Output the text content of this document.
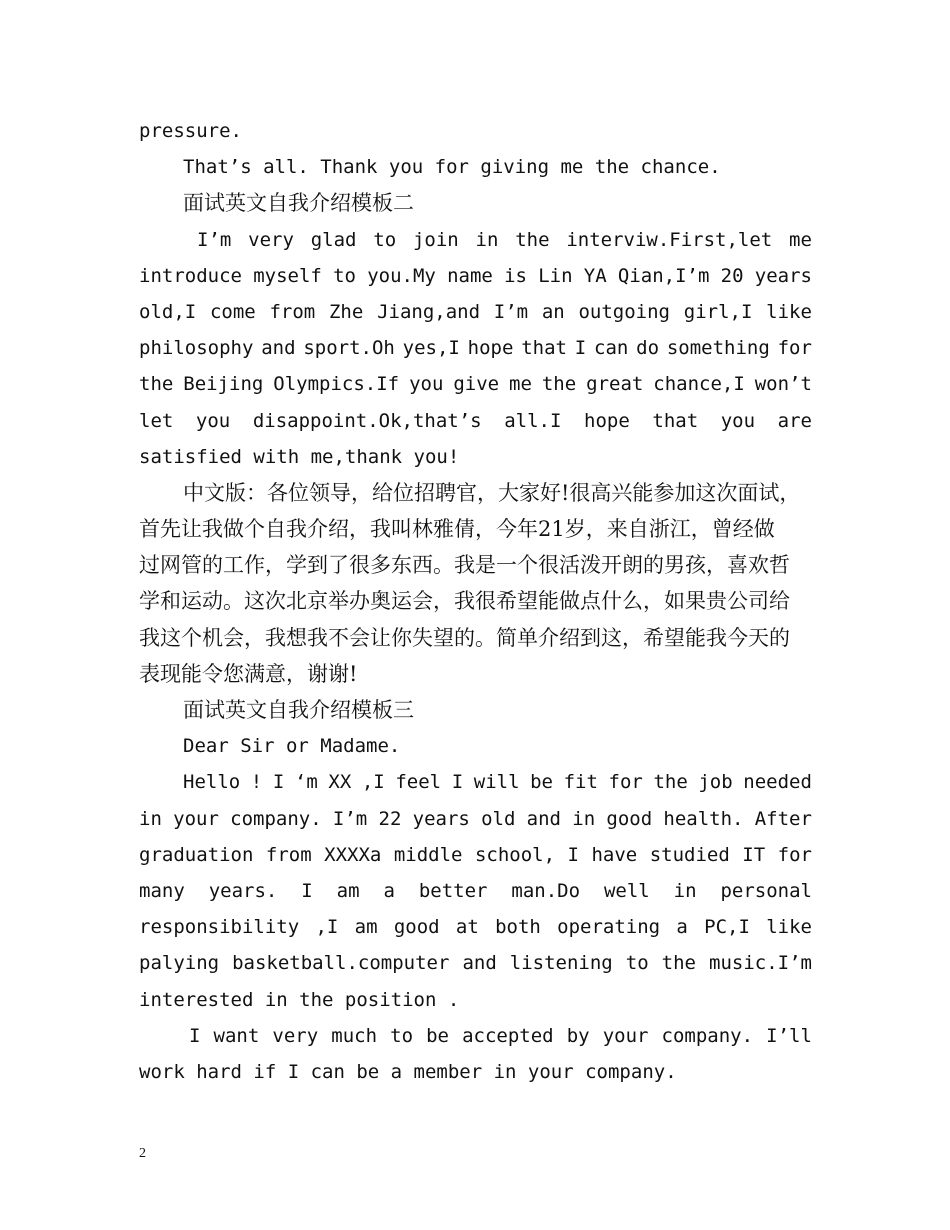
pressure.
That’s all. Thank you for giving me the chance.
面试英文自我介绍模板二
I’m very glad to join in the interviw.First,let me
introduce myself to you.My name is Lin YA Qian,I’m 20 years
old,I come from Zhe Jiang,and I’m an outgoing girl,I like
philosophy and sport.Oh yes,I hope that I can do something for
the Beijing Olympics.If you give me the great chance,I won’t
let you disappoint.Ok,that’s all.I hope that you are
satisfied with me,thank you!
中文版：各位领导，给位招聘官，大家好!很高兴能参加这次面试，
首先让我做个自我介绍，我叫林雅倩，今年21岁，来自浙江，曾经做
过网管的工作，学到了很多东西。我是一个很活泼开朗的男孩，喜欢哲
学和运动。这次北京举办奥运会，我很希望能做点什么，如果贵公司给
我这个机会，我想我不会让你失望的。简单介绍到这，希望能我今天的
表现能令您满意，谢谢!
面试英文自我介绍模板三
Dear Sir or Madame.
Hello ! I ‘m XX ,I feel I will be fit for the job needed
in your company. I’m 22 years old and in good health. After
graduation from XXXXa middle school, I have studied IT for
many years. I am a better man.Do well in personal
responsibility ,I am good at both operating a PC,I like
palying basketball.computer and listening to the music.I’m
interested in the position .
I want very much to be accepted by your company. I’ll
work hard if I can be a member in your company.
2
